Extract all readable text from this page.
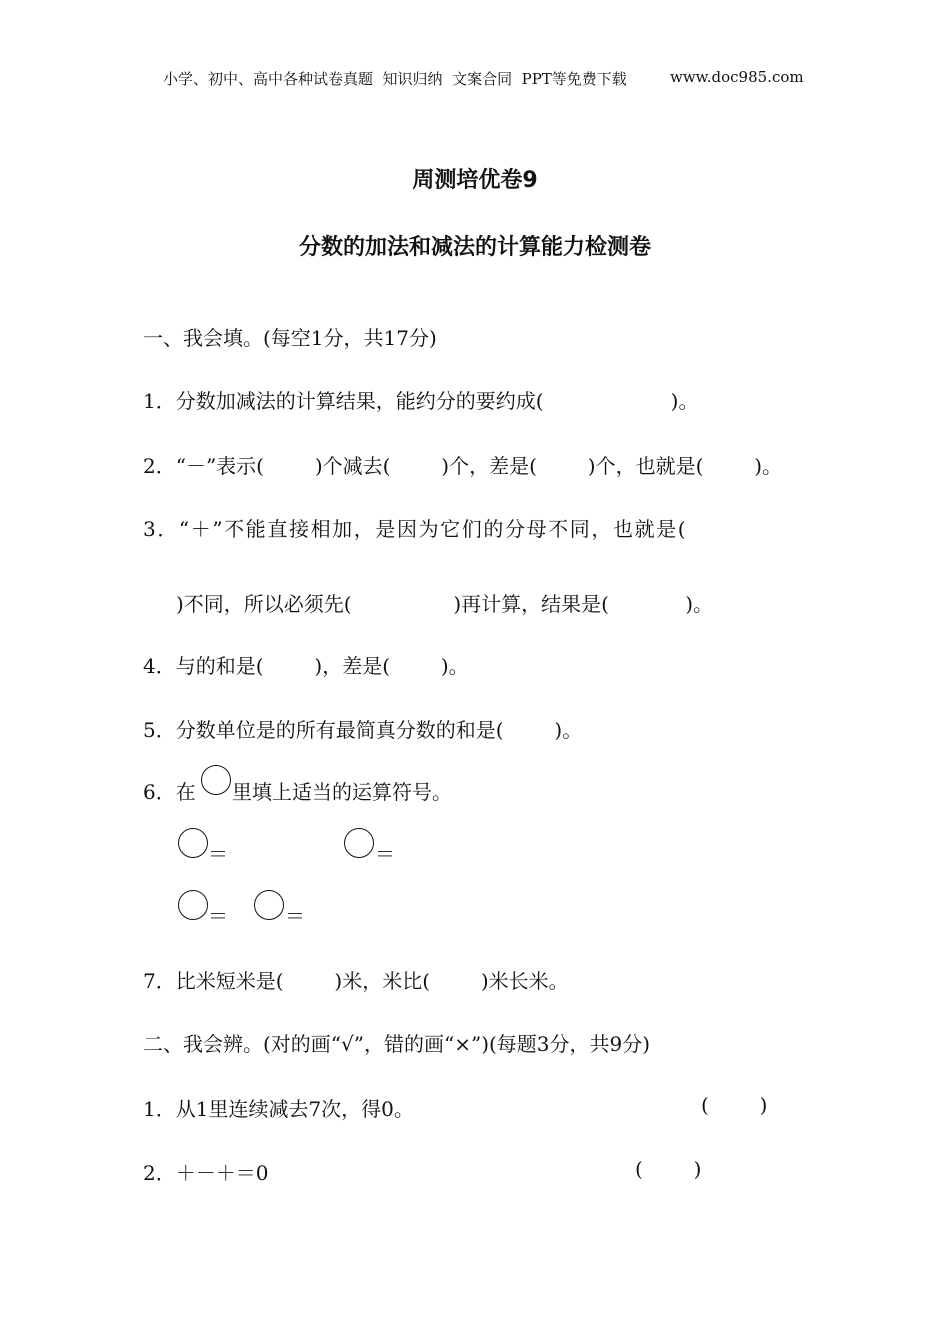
小学、初中、高中各种试卷真题  知识归纳  文案合同  PPT等免费下载	www.doc985.com
周测培优卷9
分数的加法和减法的计算能力检测卷
一、我会填。(每空1分，共17分)
1．分数加减法的计算结果，能约分的要约成(                    )。
2．“－”表示(        )个减去(        )个，差是(        )个，也就是(        )。
3．“＋”不能直接相加，是因为它们的分母不同，也就是(
)不同，所以必须先(                )再计算，结果是(            )。
4．与的和是(        )，差是(        )。
5．分数单位是的所有最简真分数的和是(        )。
6．在 里填上适当的运算符号。
＝	＝
＝	＝
7．比米短米是(        )米，米比(        )米长米。
二、我会辨。(对的画“√”，错的画“×”)(每题3分，共9分)
1．从1里连续减去7次，得0。	(        )
2．＋－＋＝0	(        )
